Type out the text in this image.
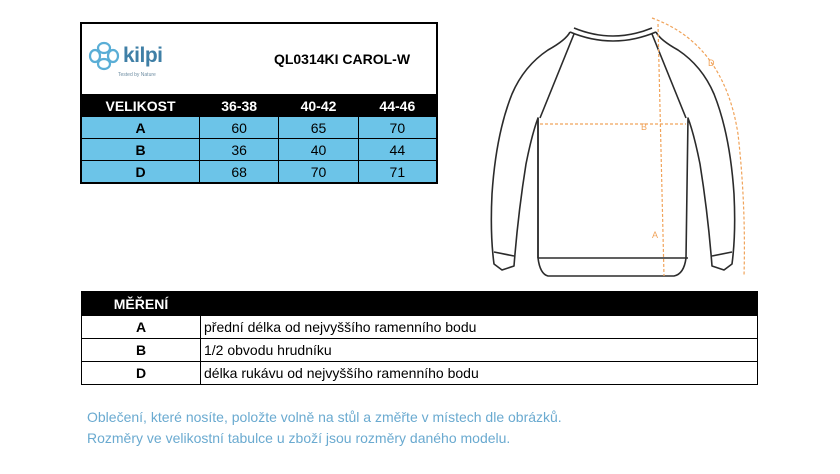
kilpi
Tested by Nature
QL0314KI CAROL-W
VELIKOST	36-38	40-42	44-46
A	60	65	70
B	36	40	44
D	68	70	71
A
B
D
MĚŘENÍ
A	přední délka od nejvyššího ramenního bodu
B	1/2 obvodu hrudníku
D	délka rukávu od nejvyššího ramenního bodu
Oblečení, které nosíte, položte volně na stůl a změřte v místech dle obrázků.
Rozměry ve velikostní tabulce u zboží jsou rozměry daného modelu.
